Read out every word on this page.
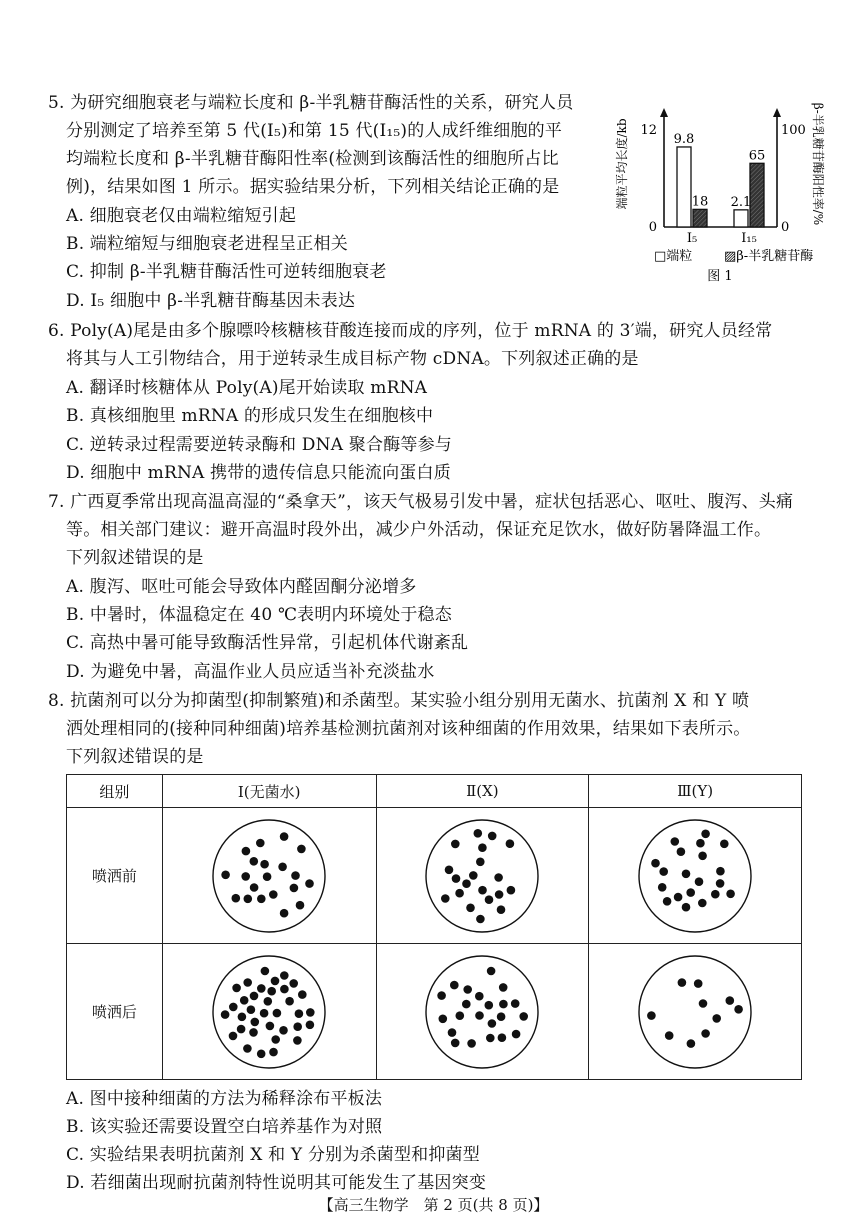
5. 为研究细胞衰老与端粒长度和 β-半乳糖苷酶活性的关系，研究人员
分别测定了培养至第 5 代(I₅)和第 15 代(I₁₅)的人成纤维细胞的平
均端粒长度和 β-半乳糖苷酶阳性率(检测到该酶活性的细胞所占比
例)，结果如图 1 所示。据实验结果分析，下列相关结论正确的是
A. 细胞衰老仅由端粒缩短引起
B. 端粒缩短与细胞衰老进程呈正相关
C. 抑制 β-半乳糖苷酶活性可逆转细胞衰老
D. I₅ 细胞中 β-半乳糖苷酶基因未表达
端粒平均长度/kb	β-半乳糖苷酶阳性率/%
12
0
100
0
9.8
18 2.1
65
I₅	I₁₅
□端粒 ▨β-半乳糖苷酶
图 1
6. Poly(A)尾是由多个腺嘌呤核糖核苷酸连接而成的序列，位于 mRNA 的 3′端，研究人员经常
将其与人工引物结合，用于逆转录生成目标产物 cDNA。下列叙述正确的是
A. 翻译时核糖体从 Poly(A)尾开始读取 mRNA
B. 真核细胞里 mRNA 的形成只发生在细胞核中
C. 逆转录过程需要逆转录酶和 DNA 聚合酶等参与
D. 细胞中 mRNA 携带的遗传信息只能流向蛋白质
7. 广西夏季常出现高温高湿的“桑拿天”，该天气极易引发中暑，症状包括恶心、呕吐、腹泻、头痛
等。相关部门建议：避开高温时段外出，减少户外活动，保证充足饮水，做好防暑降温工作。
下列叙述错误的是
A. 腹泻、呕吐可能会导致体内醛固酮分泌增多
B. 中暑时，体温稳定在 40 ℃表明内环境处于稳态
C. 高热中暑可能导致酶活性异常，引起机体代谢紊乱
D. 为避免中暑，高温作业人员应适当补充淡盐水
8. 抗菌剂可以分为抑菌型(抑制繁殖)和杀菌型。某实验小组分别用无菌水、抗菌剂 X 和 Y 喷
洒处理相同的(接种同种细菌)培养基检测抗菌剂对该种细菌的作用效果，结果如下表所示。
下列叙述错误的是
组别	Ⅰ(无菌水)	Ⅱ(X)	Ⅲ(Y)
喷洒前	

喷洒后	

A. 图中接种细菌的方法为稀释涂布平板法
B. 该实验还需要设置空白培养基作为对照
C. 实验结果表明抗菌剂 X 和 Y 分别为杀菌型和抑菌型
D. 若细菌出现耐抗菌剂特性说明其可能发生了基因突变
【高三生物学　第 2 页(共 8 页)】
